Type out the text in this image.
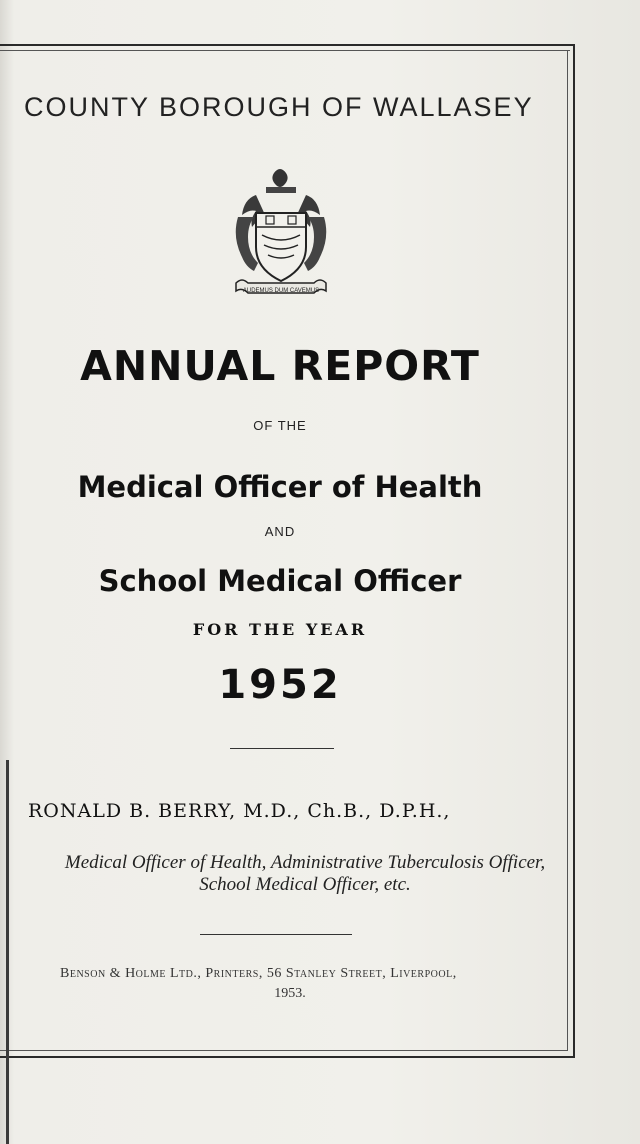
COUNTY BOROUGH OF WALLASEY
AUDEMUS DUM CAVEMUS
ANNUAL REPORT
OF THE
Medical Officer of Health
AND
School Medical Officer
FOR THE YEAR
1952
RONALD B. BERRY, M.D., Ch.B., D.P.H.,
Medical Officer of Health, Administrative Tuberculosis Officer,
School Medical Officer, etc.
Benson & Holme Ltd., Printers, 56 Stanley Street, Liverpool,
1953.
